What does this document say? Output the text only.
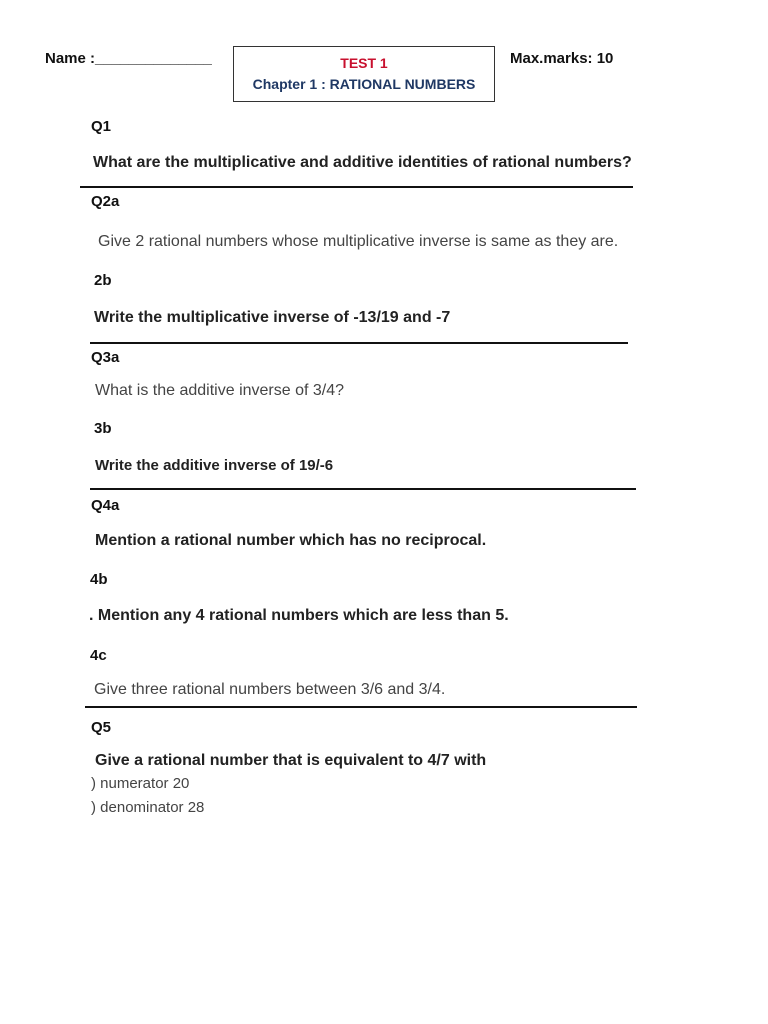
Name :______________	TEST 1
Chapter 1 : RATIONAL NUMBERS
Max.marks: 10
Q1
What are the multiplicative and additive identities of rational numbers?
Q2a
Give 2 rational numbers whose multiplicative inverse is same as they are.
2b
Write the multiplicative inverse of -13/19 and -7
Q3a
What is the additive inverse of 3/4?
3b
Write the additive inverse of 19/-6
Q4a
Mention a rational number which has no reciprocal.
4b
. Mention any 4 rational numbers which are less than 5.
4c
Give three rational numbers between 3/6 and 3/4.
Q5
Give a rational number that is equivalent to 4/7 with
) numerator 20
) denominator 28
